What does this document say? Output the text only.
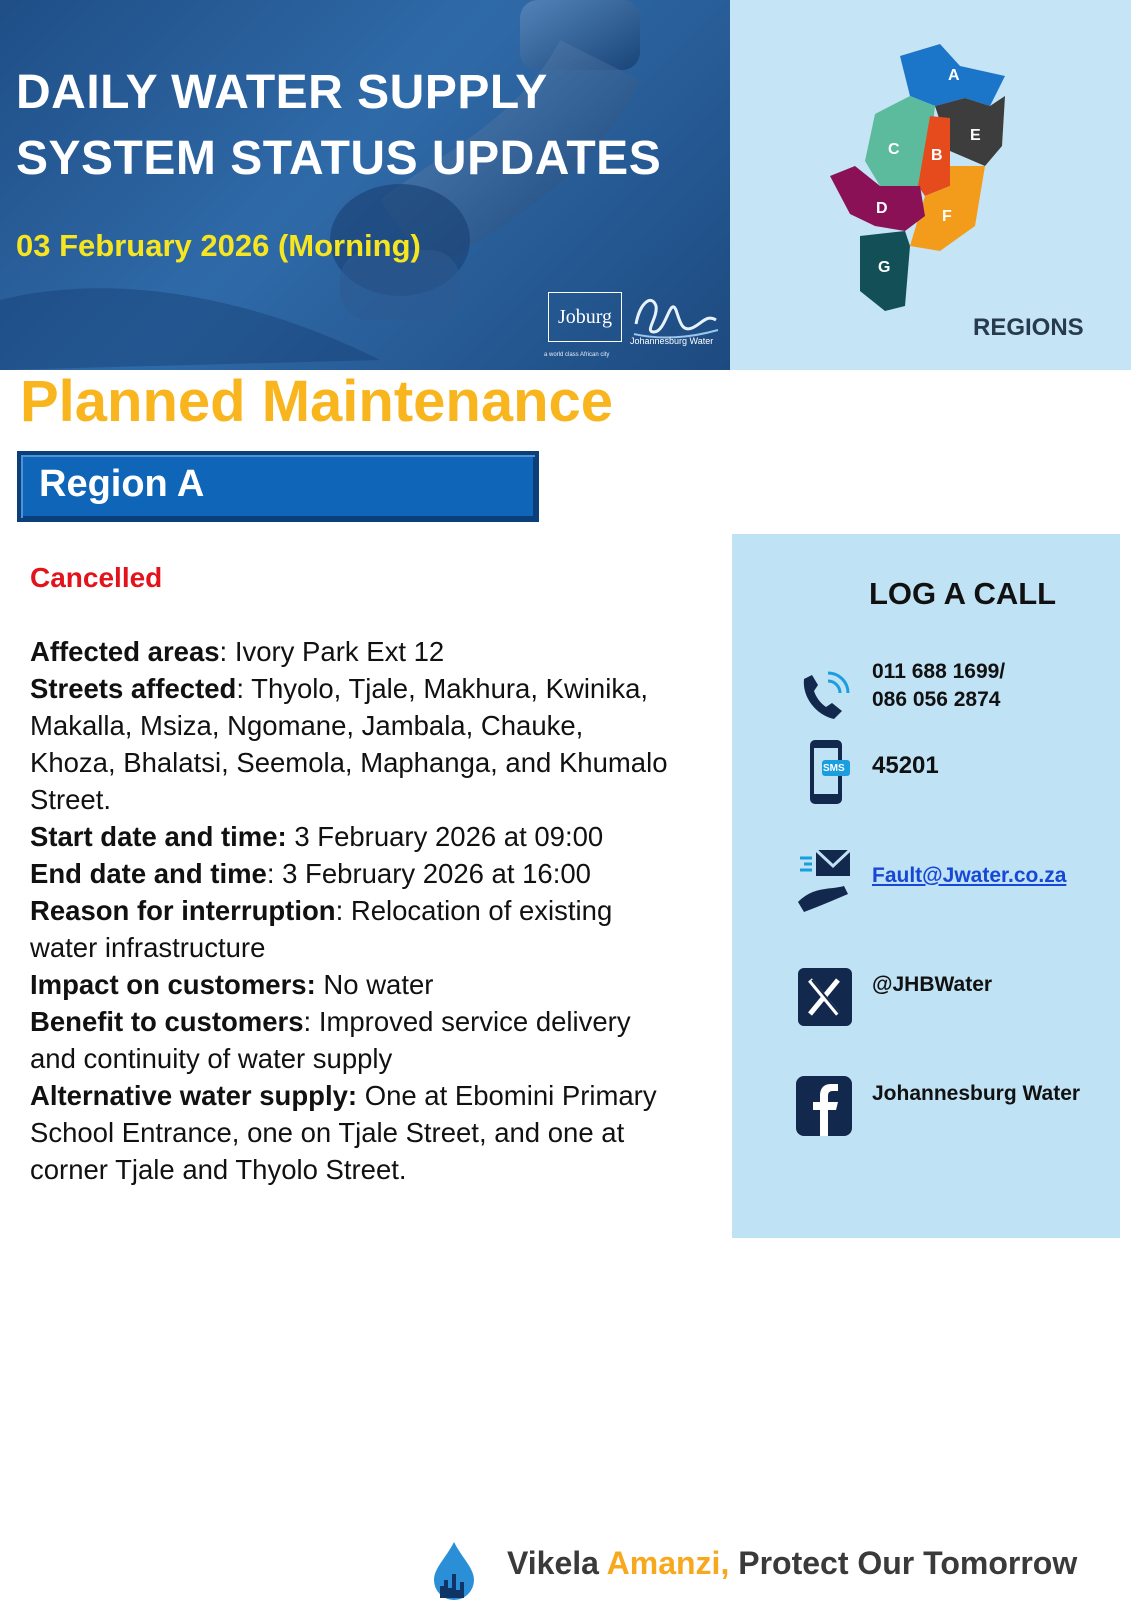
DAILY WATER SUPPLY
SYSTEM STATUS UPDATES
03 February 2026 (Morning)
Joburg
a world class African city
Johannesburg Water
A
B
C
D
E
F
G
REGIONS
Planned Maintenance
Region A
Cancelled

Affected areas: Ivory Park Ext 12

Streets affected: Thyolo, Tjale, Makhura, Kwinika, Makalla, Msiza, Ngomane, Jambala, Chauke, Khoza, Bhalatsi, Seemola, Maphanga, and Khumalo Street.

Start date and time: 3 February 2026 at 09:00

End date and time: 3 February 2026 at 16:00

Reason for interruption: Relocation of existing water infrastructure

Impact on customers: No water

Benefit to customers: Improved service delivery and continuity of water supply

Alternative water supply: One at Ebomini Primary School Entrance, one on Tjale Street, and one at corner Tjale and Thyolo Street.

LOG A CALL
011 688 1699/
086 056 2874
SMS 45201
Fault@Jwater.co.za
@JHBWater
Johannesburg Water
Vikela Amanzi, Protect Our Tomorrow
